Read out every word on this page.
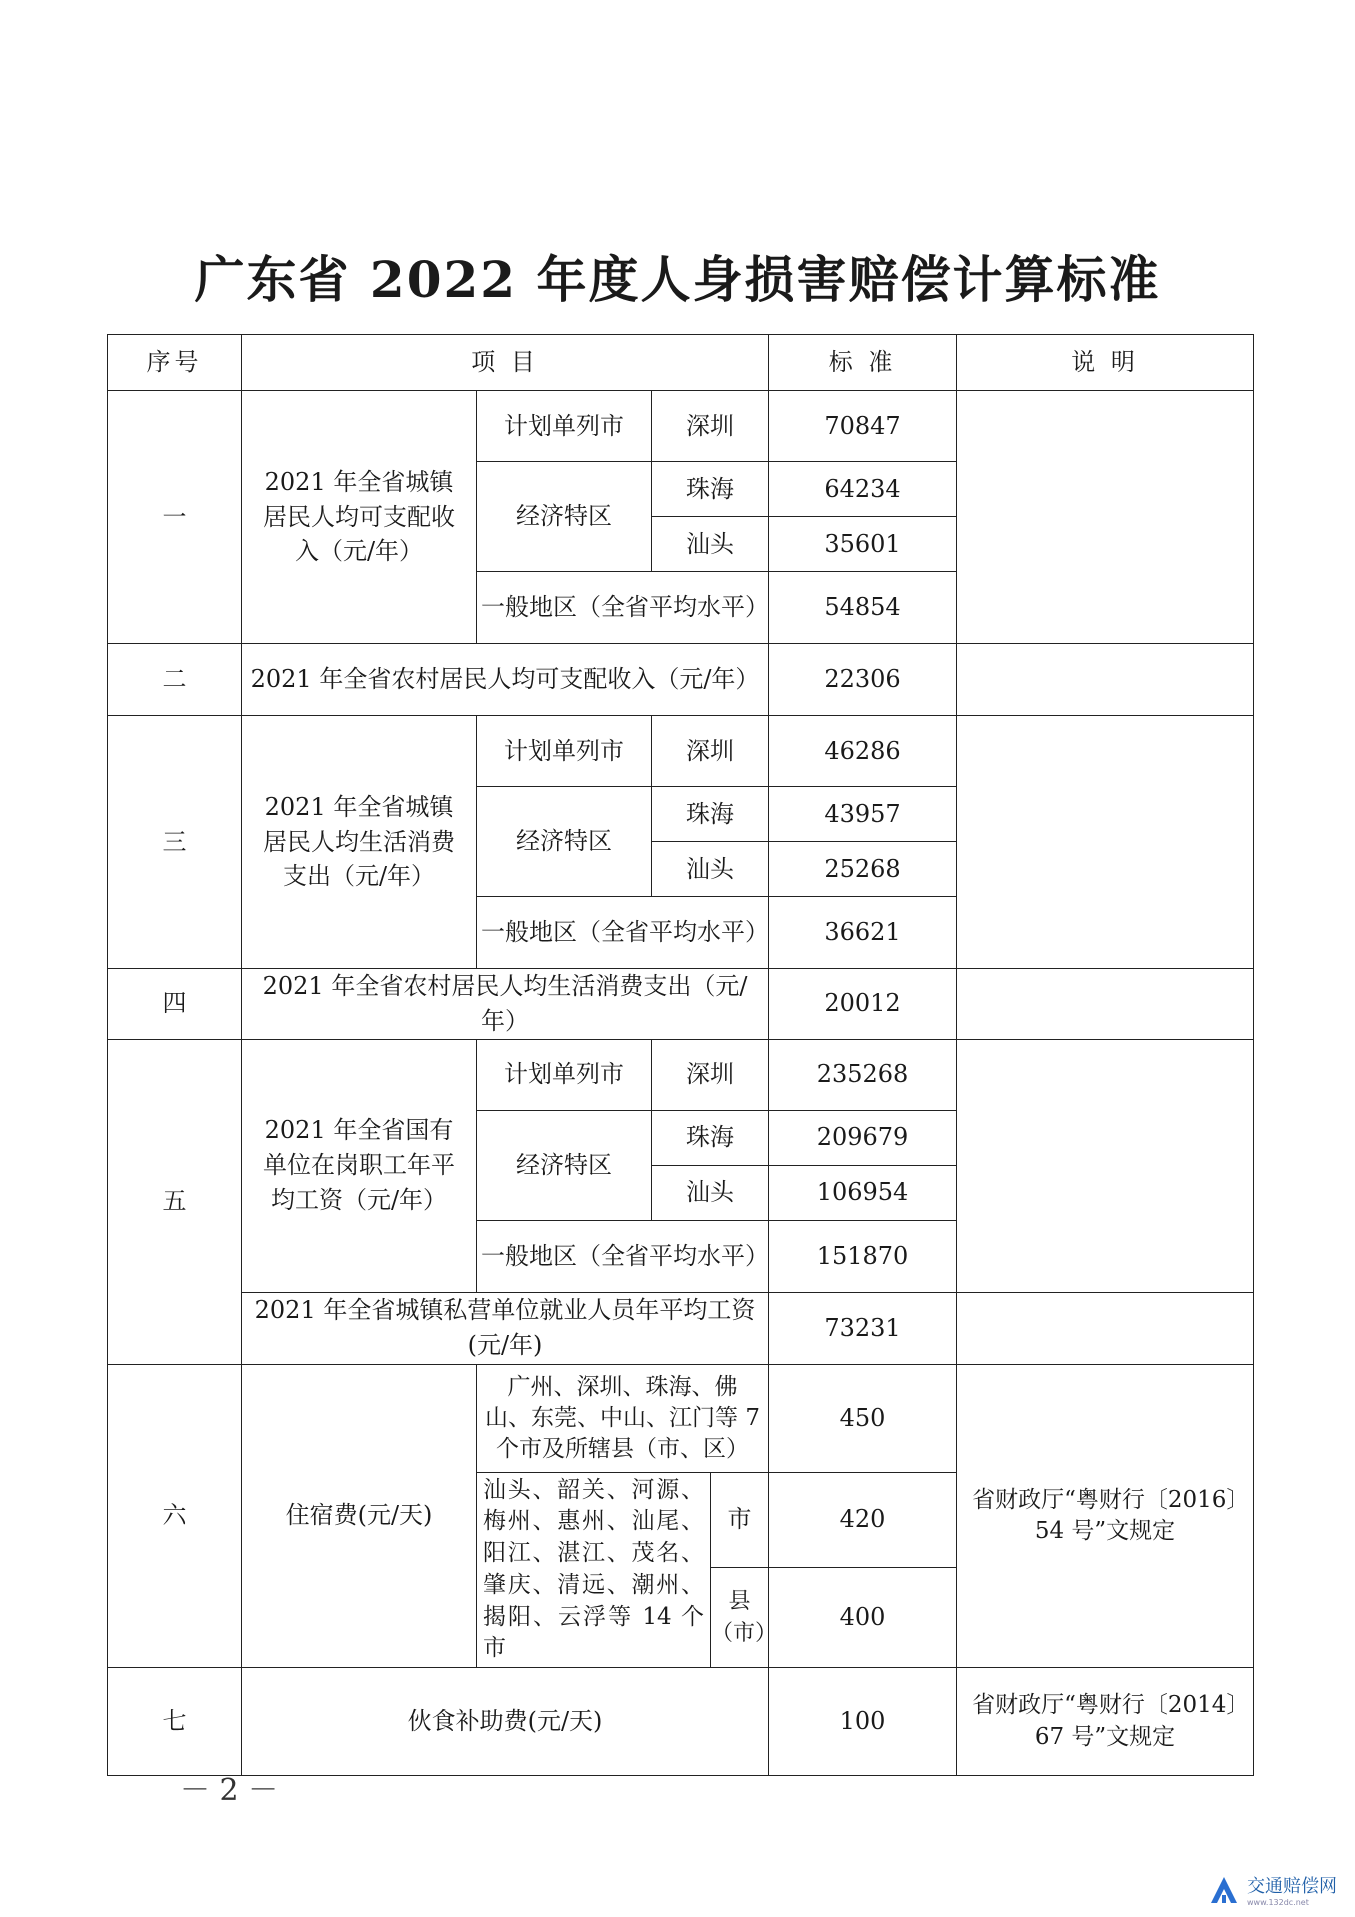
广东省 2022 年度人身损害赔偿计算标准
序号	项 目				标 准	说 明
一	2021 年全省城镇居民人均可支配收入（元/年）	计划单列市	深圳		70847	
		经济特区	珠海		64234	
			汕头		35601	
		一般地区（全省平均水平）			54854	
二	2021 年全省农村居民人均可支配收入（元/年）				22306	
三	2021 年全省城镇居民人均生活消费支出（元/年）	计划单列市	深圳		46286	
		经济特区	珠海		43957	
			汕头		25268	
		一般地区（全省平均水平）			36621	
四	2021 年全省农村居民人均生活消费支出（元/年）				20012	
五	2021 年全省国有单位在岗职工年平均工资（元/年）	计划单列市	深圳		235268	
		经济特区	珠海		209679	
			汕头		106954	
		一般地区（全省平均水平）			151870	
	2021 年全省城镇私营单位就业人员年平均工资(元/年)				73231	
六	住宿费(元/天)	广州、深圳、珠海、佛山、东莞、中山、江门等 7 个市及所辖县（市、区）			450	省财政厅“粤财行〔2016〕54 号”文规定
		汕头、韶关、河源、梅州、惠州、汕尾、阳江、湛江、茂名、肇庆、清远、潮州、揭阳、云浮等 14 个市		市	420	
				县（市）	400	
七	伙食补助费(元/天)				100	省财政厅“粤财行〔2014〕67 号”文规定
－ 2 －
交通赔偿网
www.132dc.net
